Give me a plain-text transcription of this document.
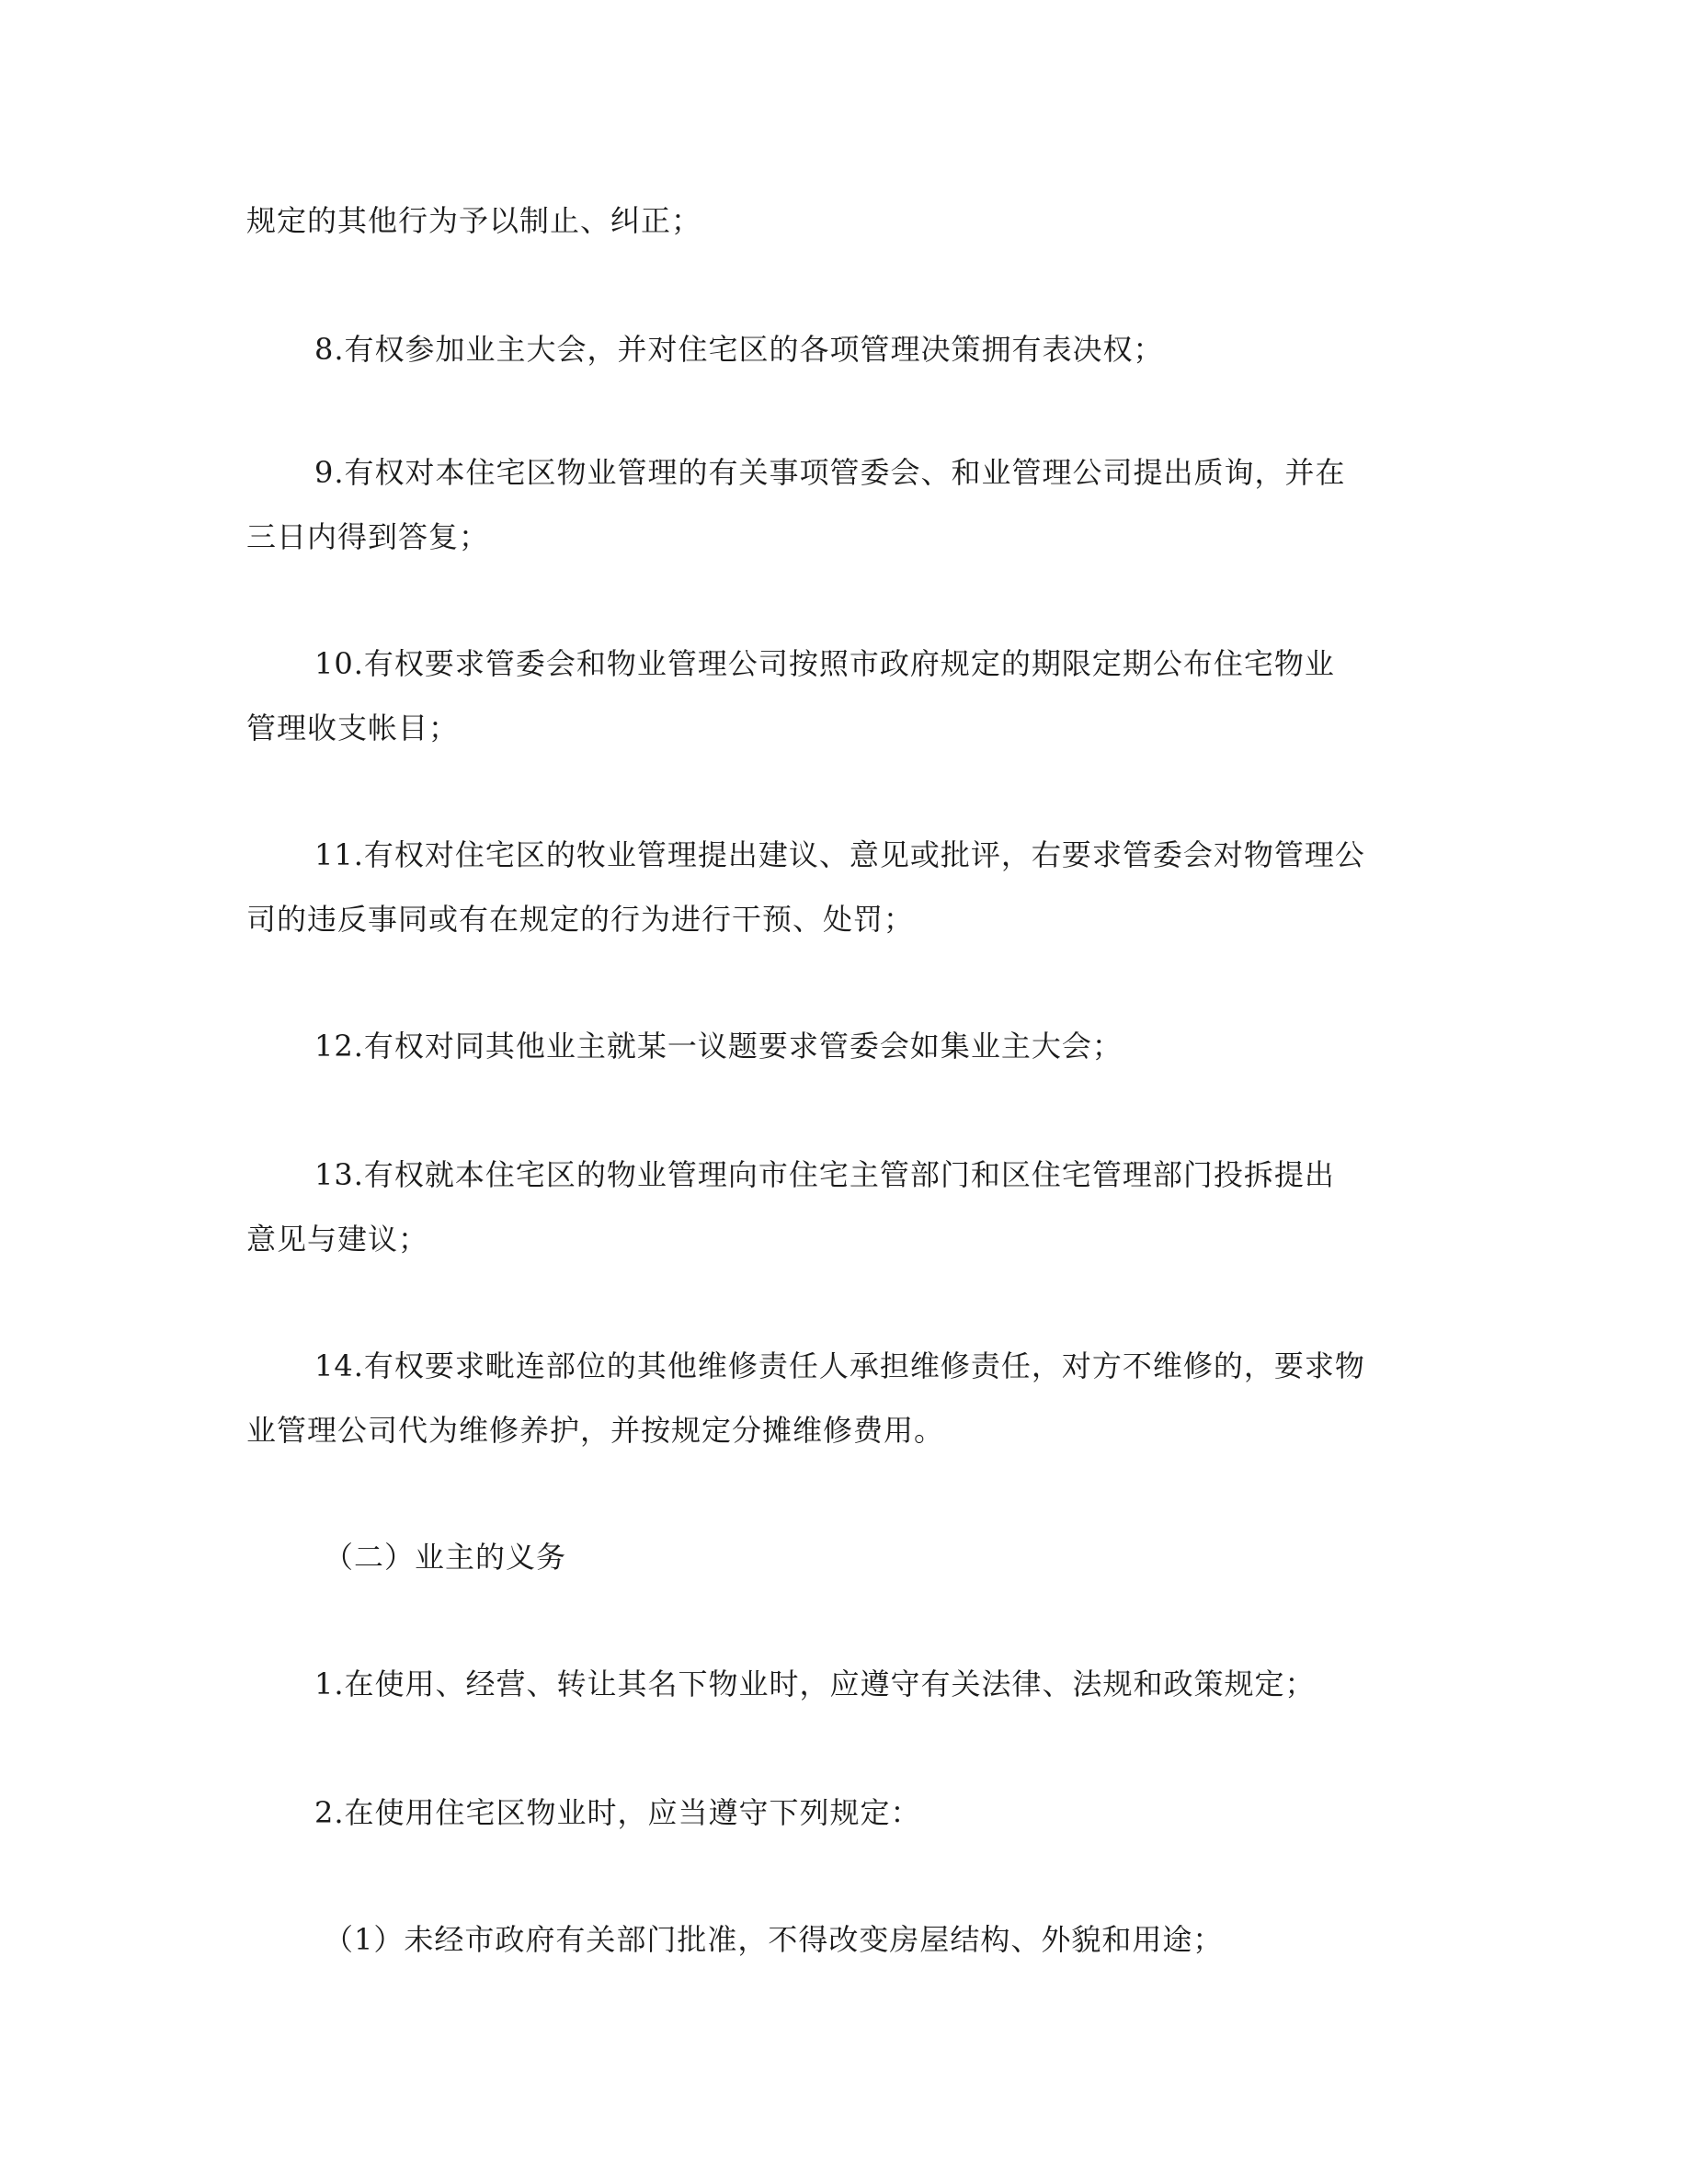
规定的其他行为予以制止、纠正；

8.有权参加业主大会，并对住宅区的各项管理决策拥有表决权；

9.有权对本住宅区物业管理的有关事项管委会、和业管理公司提出质询，并在

三日内得到答复；

10.有权要求管委会和物业管理公司按照市政府规定的期限定期公布住宅物业

管理收支帐目；

11.有权对住宅区的牧业管理提出建议、意见或批评，右要求管委会对物管理公

司的违反事同或有在规定的行为进行干预、处罚；

12.有权对同其他业主就某一议题要求管委会如集业主大会；

13.有权就本住宅区的物业管理向市住宅主管部门和区住宅管理部门投拆提出

意见与建议；

14.有权要求毗连部位的其他维修责任人承担维修责任，对方不维修的，要求物

业管理公司代为维修养护，并按规定分摊维修费用。

（二）业主的义务

1.在使用、经营、转让其名下物业时，应遵守有关法律、法规和政策规定；

2.在使用住宅区物业时，应当遵守下列规定：

（1）未经市政府有关部门批准，不得改变房屋结构、外貌和用途；
